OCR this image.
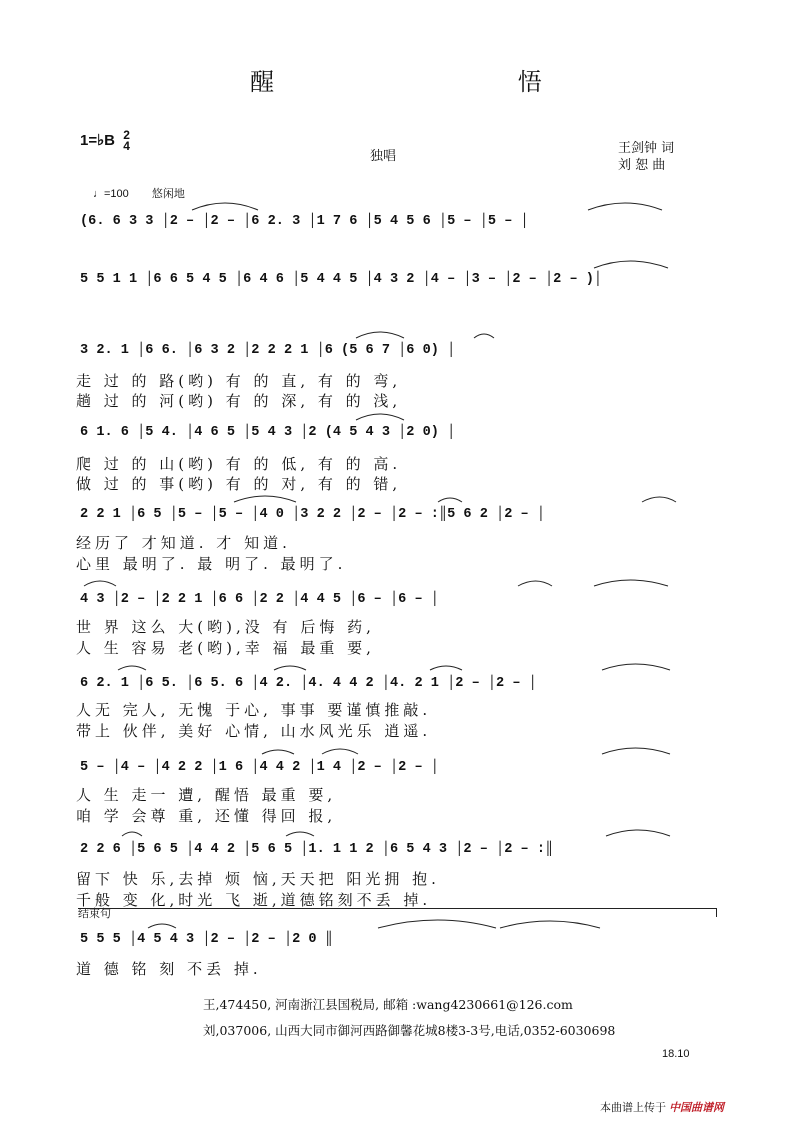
醒 悟
1=♭B 2
4
独唱
王剑钟 词
刘 恕 曲
♩=100 悠闲地
(6. 6 3 3 │2 – │2 – │6 2. 3 │1 7 6 │5 4 5 6 │5 – │5 – │
5 5 1 1 │6 6 5 4 5 │6 4 6 │5 4 4 5 │4 3 2 │4 – │3 – │2 – │2 – )│
3 2. 1 │6 6. │6 3 2 │2 2 2 1 │6 (5 6 7 │6 0) │
走 过 的 路(哟) 有 的 直, 有 的 弯,
趟 过 的 河(哟) 有 的 深, 有 的 浅,
6 1. 6 │5 4. │4 6 5 │5 4 3 │2 (4 5 4 3 │2 0) │
爬 过 的 山(哟) 有 的 低, 有 的 高.
做 过 的 事(哟) 有 的 对, 有 的 错,
2 2 1 │6 5 │5 – │5 – │4 0 │3 2 2 │2 – │2 – :║5 6 2 │2 – │
经历了 才知道. 才 知道.
心里 最明了. 最 明了. 最明了.
4 3 │2 – │2 2 1 │6 6 │2 2 │4 4 5 │6 – │6 – │
世 界 这么 大(哟),没 有 后悔 药,
人 生 容易 老(哟),幸 福 最重 要,
6 2. 1 │6 5. │6 5. 6 │4 2. │4. 4 4 2 │4. 2 1 │2 – │2 – │
人无 完人, 无愧 于心, 事事 要谨慎推敲.
带上 伙伴, 美好 心情, 山水风光乐 逍遥.
5 – │4 – │4 2 2 │1 6 │4 4 2 │1 4 │2 – │2 – │
人 生 走一 遭, 醒悟 最重 要,
咱 学 会尊 重, 还懂 得回 报,
2 2 6 │5 6 5 │4 4 2 │5 6 5 │1. 1 1 2 │6 5 4 3 │2 – │2 – :║
留下 快 乐,去掉 烦 恼,天天把 阳光拥 抱.
千般 变 化,时光 飞 逝,道德铭刻不丢 掉.
结束句
5 5 5 │4 5 4 3 │2 – │2 – │2 0 ║
道 德 铭 刻 不丢 掉.
王,474450, 河南浙江县国税局, 邮箱 :wang4230661@126.com
刘,037006, 山西大同市御河西路御馨花城8楼3-3号,电话,0352-6030698
18.10
本曲谱上传于 中国曲谱网
